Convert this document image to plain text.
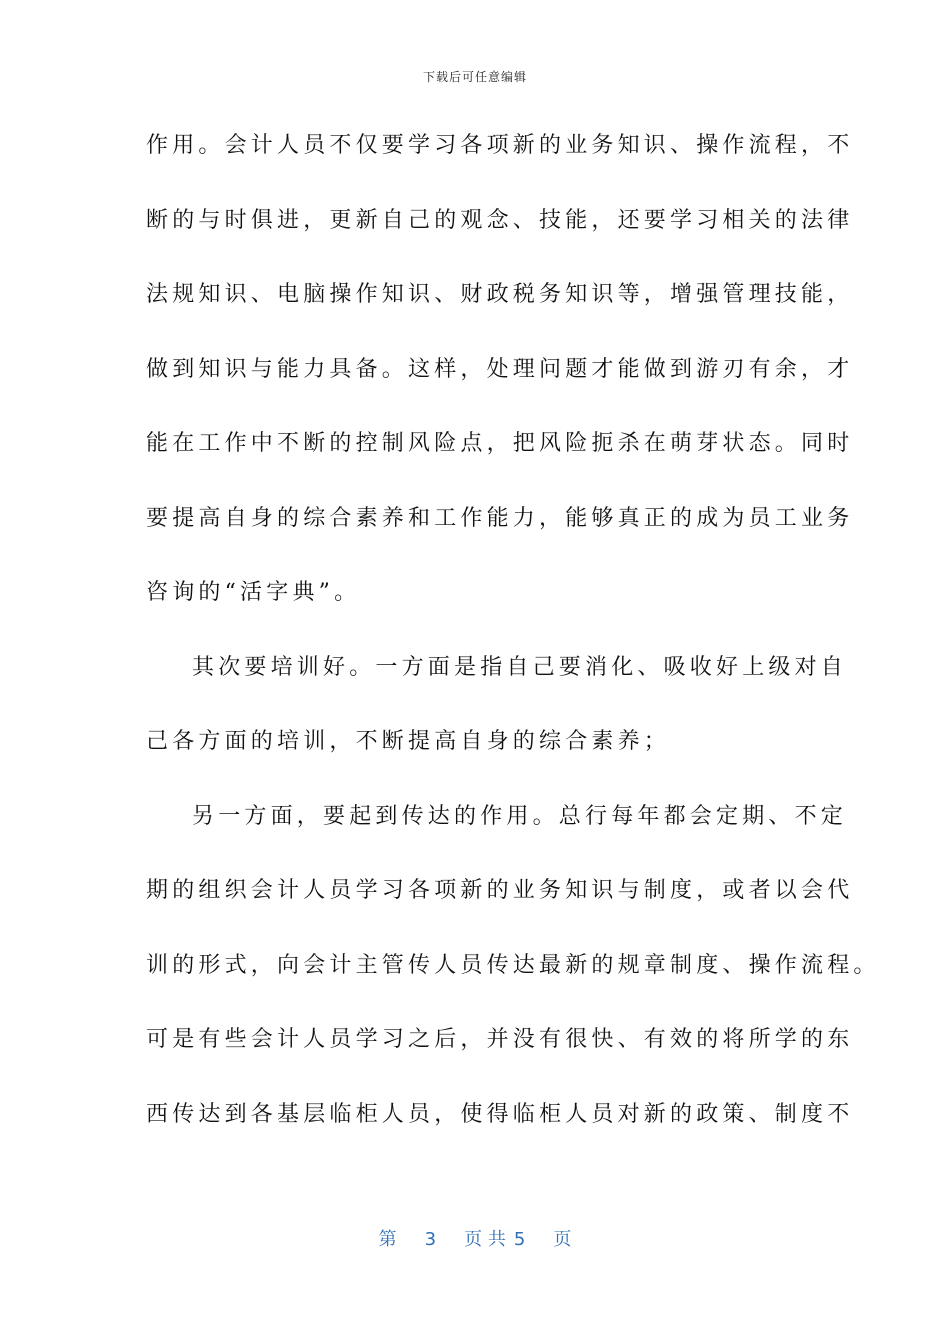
下载后可任意编辑
作用。会计人员不仅要学习各项新的业务知识、操作流程，不
断的与时俱进，更新自己的观念、技能，还要学习相关的法律
法规知识、电脑操作知识、财政税务知识等，增强管理技能，
做到知识与能力具备。这样，处理问题才能做到游刃有余，才
能在工作中不断的控制风险点，把风险扼杀在萌芽状态。同时
要提高自身的综合素养和工作能力，能够真正的成为员工业务
咨询的“活字典”。
其次要培训好。一方面是指自己要消化、吸收好上级对自
己各方面的培训，不断提高自身的综合素养；
另一方面，要起到传达的作用。总行每年都会定期、不定
期的组织会计人员学习各项新的业务知识与制度，或者以会代
训的形式，向会计主管传人员传达最新的规章制度、操作流程。
可是有些会计人员学习之后，并没有很快、有效的将所学的东
西传达到各基层临柜人员，使得临柜人员对新的政策、制度不
第 3 页 共 5 页
